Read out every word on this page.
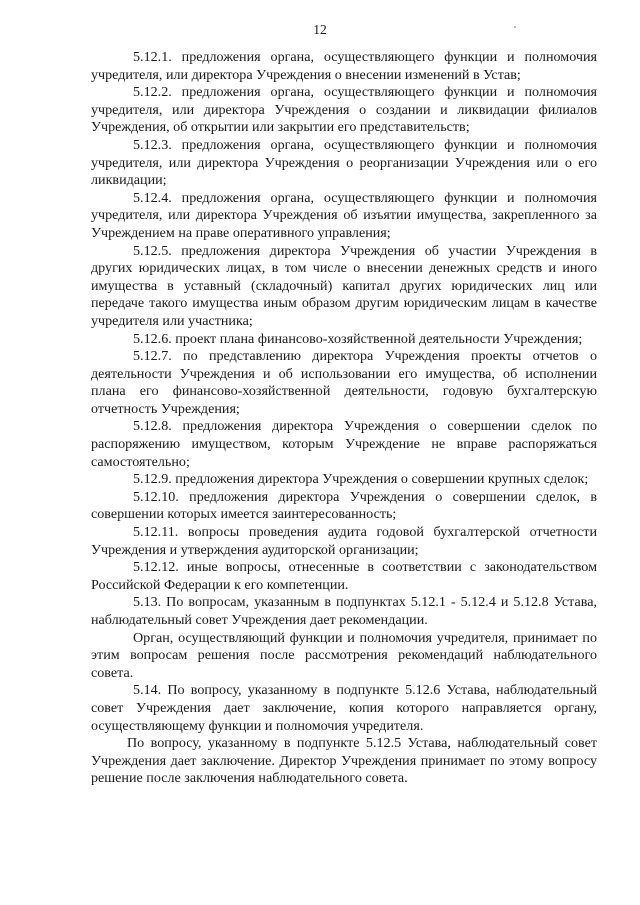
12

5.12.1. предложения органа, осуществляющего функции и полномочия учредителя, или директора Учреждения о внесении изменений в Устав;

5.12.2. предложения органа, осуществляющего функции и полномочия учредителя, или директора Учреждения о создании и ликвидации филиалов Учреждения, об открытии или закрытии его представительств;

5.12.3. предложения органа, осуществляющего функции и полномочия учредителя, или директора Учреждения о реорганизации Учреждения или о его ликвидации;

5.12.4. предложения органа, осуществляющего функции и полномочия учредителя, или директора Учреждения об изъятии имущества, закрепленного за Учреждением на праве оперативного управления;

5.12.5. предложения директора Учреждения об участии Учреждения в других юридических лицах, в том числе о внесении денежных средств и иного имущества в уставный (складочный) капитал других юридических лиц или передаче такого имущества иным образом другим юридическим лицам в качестве учредителя или участника;

5.12.6. проект плана финансово-хозяйственной деятельности Учреждения;

5.12.7. по представлению директора Учреждения проекты отчетов о деятельности Учреждения и об использовании его имущества, об исполнении плана его финансово-хозяйственной деятельности, годовую бухгалтерскую отчетность Учреждения;

5.12.8. предложения директора Учреждения о совершении сделок по распоряжению имуществом, которым Учреждение не вправе распоряжаться самостоятельно;

5.12.9. предложения директора Учреждения о совершении крупных сделок;

5.12.10. предложения директора Учреждения о совершении сделок, в совершении которых имеется заинтересованность;

5.12.11. вопросы проведения аудита годовой бухгалтерской отчетности Учреждения и утверждения аудиторской организации;

5.12.12. иные вопросы, отнесенные в соответствии с законодательством Российской Федерации к его компетенции.

5.13. По вопросам, указанным в подпунктах 5.12.1 - 5.12.4 и 5.12.8 Устава, наблюдательный совет Учреждения дает рекомендации.

Орган, осуществляющий функции и полномочия учредителя, принимает по этим вопросам решения после рассмотрения рекомендаций наблюдательного совета.

5.14. По вопросу, указанному в подпункте 5.12.6 Устава, наблюдательный совет Учреждения дает заключение, копия которого направляется органу, осуществляющему функции и полномочия учредителя.

По вопросу, указанному в подпункте 5.12.5 Устава, наблюдательный совет Учреждения дает заключение. Директор Учреждения принимает по этому вопросу решение после заключения наблюдательного совета.
